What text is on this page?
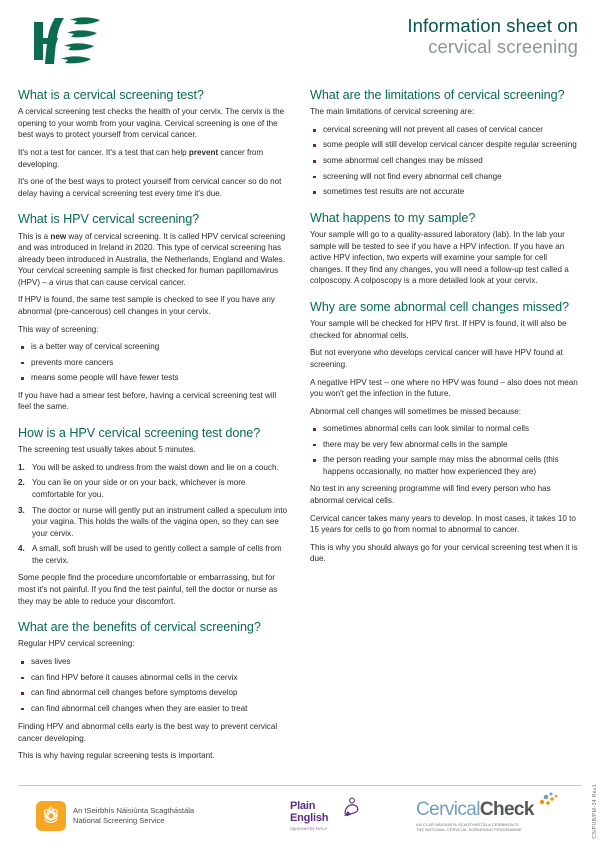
Information sheet on
cervical screening
What is a cervical screening test?

A cervical screening test checks the health of your cervix. The cervix is the opening to your womb from your vagina. Cervical screening is one of the best ways to protect yourself from cervical cancer.

It's not a test for cancer. It's a test that can help prevent cancer from developing.

It's one of the best ways to protect yourself from cervical cancer so do not delay having a cervical screening test every time it's due.

What is HPV cervical screening?

This is a new way of cervical screening. It is called HPV cervical screening and was introduced in Ireland in 2020. This type of cervical screening has already been introduced in Australia, the Netherlands, England and Wales. Your cervical screening sample is first checked for human papillomavirus (HPV) – a virus that can cause cervical cancer.

If HPV is found, the same test sample is checked to see if you have any abnormal (pre-cancerous) cell changes in your cervix.

This way of screening:

is a better way of cervical screening
prevents more cancers
means some people will have fewer tests

If you have had a smear test before, having a cervical screening test will feel the same.

How is a HPV cervical screening test done?

The screening test usually takes about 5 minutes.

You will be asked to undress from the waist down and lie on a couch.
You can lie on your side or on your back, whichever is more comfortable for you.
The doctor or nurse will gently put an instrument called a speculum into your vagina. This holds the walls of the vagina open, so they can see your cervix.
A small, soft brush will be used to gently collect a sample of cells from the cervix.

Some people find the procedure uncomfortable or embarrassing, but for most it's not painful. If you find the test painful, tell the doctor or nurse as they may be able to reduce your discomfort.

What are the benefits of cervical screening?

Regular HPV cervical screening:

saves lives
can find HPV before it causes abnormal cells in the cervix
can find abnormal cell changes before symptoms develop
can find abnormal cell changes when they are easier to treat

Finding HPV and abnormal cells early is the best way to prevent cervical cancer developing.

This is why having regular screening tests is important.

What are the limitations of cervical screening?

The main limitations of cervical screening are:

cervical screening will not prevent all cases of cervical cancer
some people will still develop cervical cancer despite regular screening
some abnormal cell changes may be missed
screening will not find every abnormal cell change
sometimes test results are not accurate
What happens to my sample?

Your sample will go to a quality-assured laboratory (lab). In the lab your sample will be tested to see if you have a HPV infection. If you have an active HPV infection, two experts will examine your sample for cell changes. If they find any changes, you will need a follow-up test called a colposcopy. A colposcopy is a more detailed look at your cervix.

Why are some abnormal cell changes missed?

Your sample will be checked for HPV first. If HPV is found, it will also be checked for abnormal cells.

But not everyone who develops cervical cancer will have HPV found at screening.

A negative HPV test – one where no HPV was found – also does not mean you won't get the infection in the future.

Abnormal cell changes will sometimes be missed because:

sometimes abnormal cells can look similar to normal cells
there may be very few abnormal cells in the sample
the person reading your sample may miss the abnormal cells (this happens occasionally, no matter how experienced they are)

No test in any screening programme will find every person who has abnormal cervical cells.

Cervical cancer takes many years to develop. In most cases, it takes 10 to 15 years for cells to go from normal to abnormal to cancer.

This is why you should always go for your cervical screening test when it is due.

An tSeirbhís Náisiúnta Scagthástála
National Screening Service
Plain
English
Approved by NALA
CervicalCheck
AN CLÁR NÁISIÚNTA SCAGTHÁSTÁLA CEIRBHEACS
THE NATIONAL CERVICAL SCREENING PROGRAMME	CS/PUB/PM-34 Rev1
